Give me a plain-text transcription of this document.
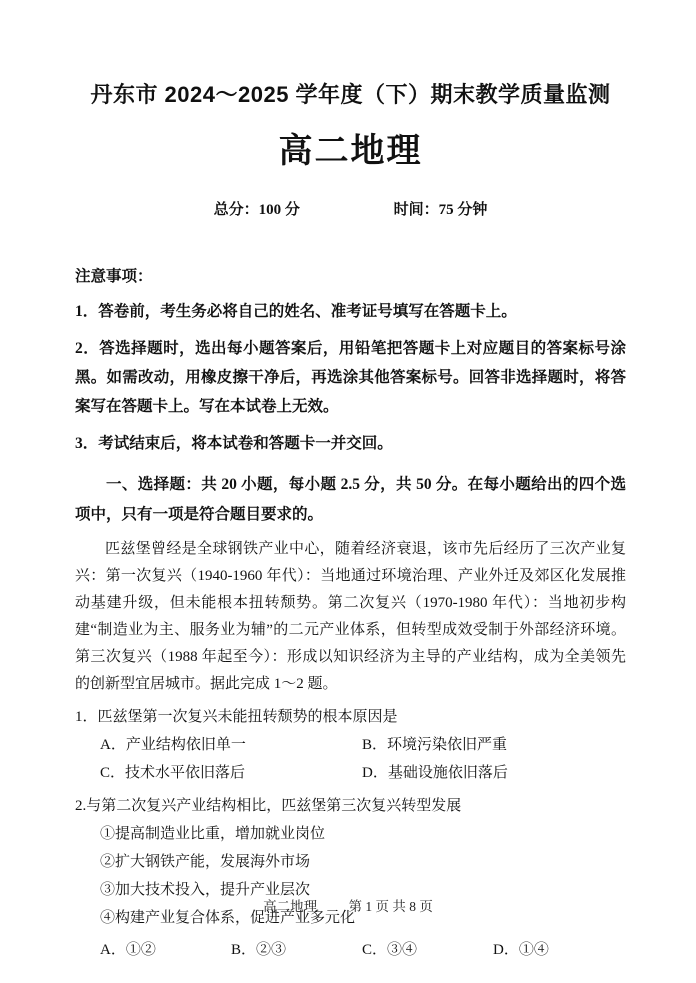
丹东市 2024～2025 学年度（下）期末教学质量监测
高二地理
总分：100 分	时间：75 分钟
注意事项：
1．答卷前，考生务必将自己的姓名、准考证号填写在答题卡上。
2．答选择题时，选出每小题答案后，用铅笔把答题卡上对应题目的答案标号涂黑。如需改动，用橡皮擦干净后，再选涂其他答案标号。回答非选择题时，将答案写在答题卡上。写在本试卷上无效。
3．考试结束后，将本试卷和答题卡一并交回。
一、选择题：共 20 小题，每小题 2.5 分，共 50 分。在每小题给出的四个选项中，只有一项是符合题目要求的。
匹兹堡曾经是全球钢铁产业中心，随着经济衰退，该市先后经历了三次产业复兴：第一次复兴（1940-1960 年代）：当地通过环境治理、产业外迁及郊区化发展推动基建升级，但未能根本扭转颓势。第二次复兴（1970-1980 年代）：当地初步构建“制造业为主、服务业为辅”的二元产业体系，但转型成效受制于外部经济环境。第三次复兴（1988 年起至今）：形成以知识经济为主导的产业结构，成为全美领先的创新型宜居城市。据此完成 1～2 题。
1．匹兹堡第一次复兴未能扭转颓势的根本原因是
A．产业结构依旧单一	B．环境污染依旧严重
C．技术水平依旧落后	D．基础设施依旧落后
2.与第二次复兴产业结构相比，匹兹堡第三次复兴转型发展
①提高制造业比重，增加就业岗位
②扩大钢铁产能，发展海外市场
③加大技术投入，提升产业层次
④构建产业复合体系，促进产业多元化
A．①②	B．②③	C．③④	D．①④
高二地理 第 1 页 共 8 页
